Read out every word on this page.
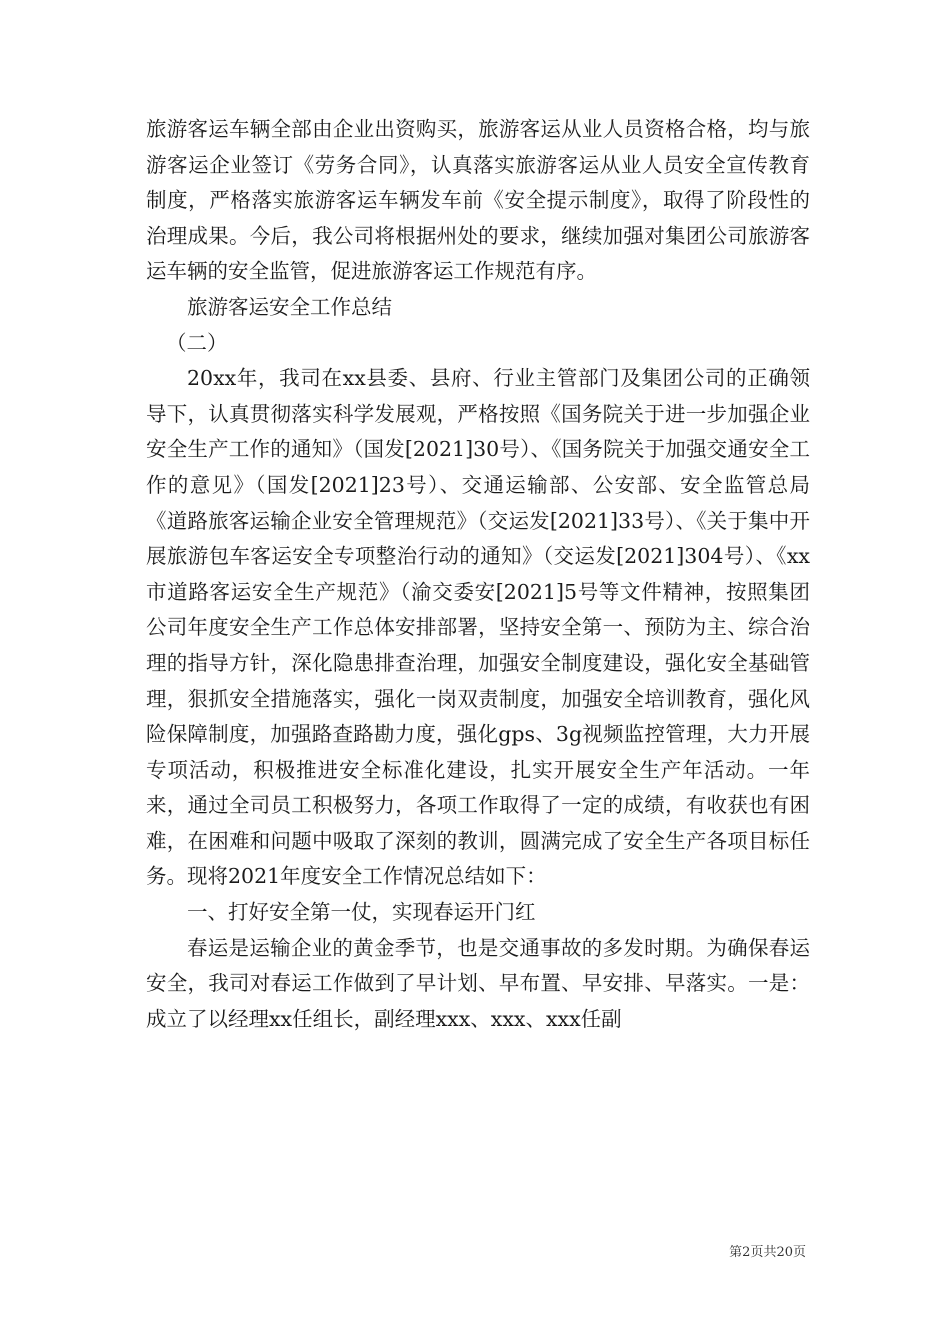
旅游客运车辆全部由企业出资购买，旅游客运从业人员资格合格，均与旅游客运企业签订《劳务合同》，认真落实旅游客运从业人员安全宣传教育制度，严格落实旅游客运车辆发车前《安全提示制度》，取得了阶段性的治理成果。今后，我公司将根据州处的要求，继续加强对集团公司旅游客运车辆的安全监管，促进旅游客运工作规范有序。

旅游客运安全工作总结

（二）

20xx年，我司在xx县委、县府、行业主管部门及集团公司的正确领导下，认真贯彻落实科学发展观，严格按照《国务院关于进一步加强企业安全生产工作的通知》（国发[2021]30号）、《国务院关于加强交通安全工作的意见》（国发[2021]23号）、交通运输部、公安部、安全监管总局《道路旅客运输企业安全管理规范》（交运发[2021]33号）、《关于集中开展旅游包车客运安全专项整治行动的通知》（交运发[2021]304号）、《xx市道路客运安全生产规范》（渝交委安[2021]5号等文件精神，按照集团公司年度安全生产工作总体安排部署，坚持安全第一、预防为主、综合治理的指导方针，深化隐患排查治理，加强安全制度建设，强化安全基础管理，狠抓安全措施落实，强化一岗双责制度，加强安全培训教育，强化风险保障制度，加强路查路勘力度，强化gps、3g视频监控管理，大力开展专项活动，积极推进安全标准化建设，扎实开展安全生产年活动。一年来，通过全司员工积极努力，各项工作取得了一定的成绩，有收获也有困难，在困难和问题中吸取了深刻的教训，圆满完成了安全生产各项目标任务。现将2021年度安全工作情况总结如下：

一、打好安全第一仗，实现春运开门红

春运是运输企业的黄金季节，也是交通事故的多发时期。为确保春运安全，我司对春运工作做到了早计划、早布置、早安排、早落实。一是：成立了以经理xx任组长，副经理xxx、xxx、xxx任副

第2页共20页
